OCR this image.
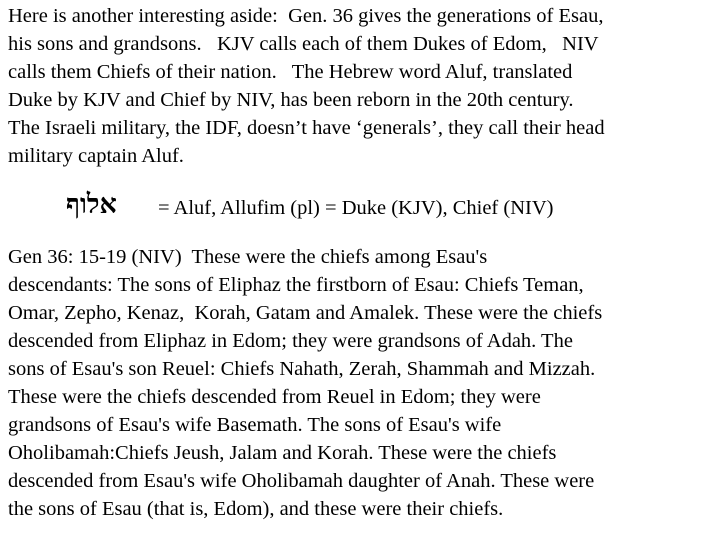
Here is another interesting aside:  Gen. 36 gives the generations of Esau,
his sons and grandsons.   KJV calls each of them Dukes of Edom,   NIV
calls them Chiefs of their nation.   The Hebrew word Aluf, translated
Duke by KJV and Chief by NIV, has been reborn in the 20th century.
The Israeli military, the IDF, doesn’t have ‘generals’, they call their head
military captain Aluf.
אלוף = Aluf, Allufim (pl) = Duke (KJV), Chief (NIV)
Gen 36: 15-19 (NIV)  These were the chiefs among Esau's
descendants: The sons of Eliphaz the firstborn of Esau: Chiefs Teman,
Omar, Zepho, Kenaz,  Korah, Gatam and Amalek. These were the chiefs
descended from Eliphaz in Edom; they were grandsons of Adah. The
sons of Esau's son Reuel: Chiefs Nahath, Zerah, Shammah and Mizzah.
These were the chiefs descended from Reuel in Edom; they were
grandsons of Esau's wife Basemath. The sons of Esau's wife
Oholibamah:Chiefs Jeush, Jalam and Korah. These were the chiefs
descended from Esau's wife Oholibamah daughter of Anah. These were
the sons of Esau (that is, Edom), and these were their chiefs.
